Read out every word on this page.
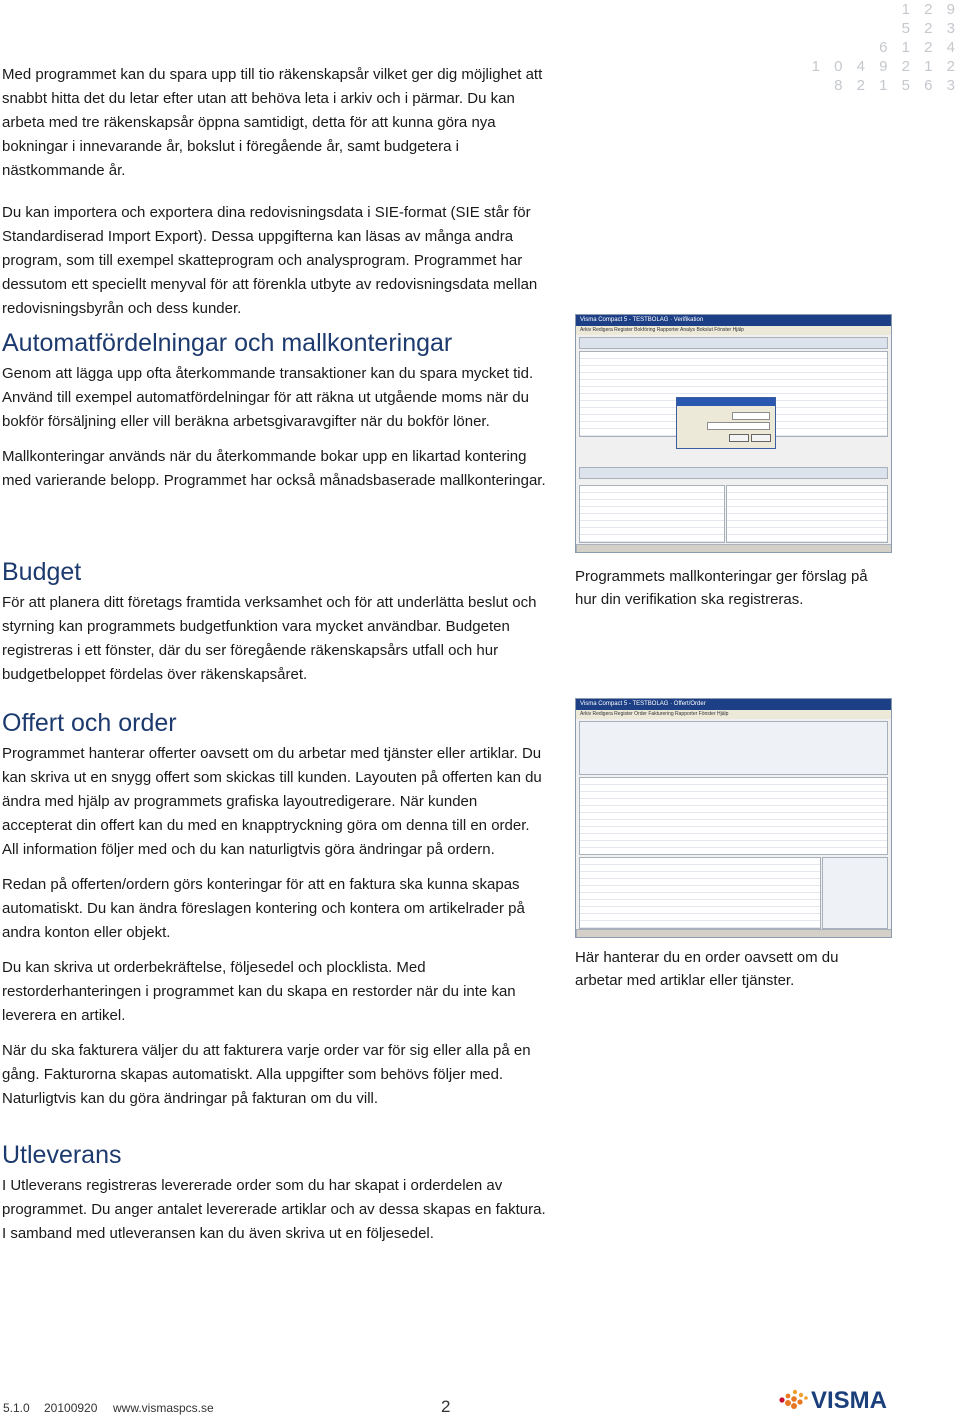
Med programmet kan du spara upp till tio räkenskapsår vilket ger dig möjlighet att snabbt hitta det du letar efter utan att behöva leta i arkiv och i pärmar. Du kan arbeta med tre räkenskapsår öppna samtidigt, detta för att kunna göra nya bokningar i innevarande år, bokslut i föregående år, samt budgetera i nästkommande år.

Du kan importera och exportera dina redovisningsdata i SIE-format (SIE står för Standardiserad Import Export). Dessa uppgifterna kan läsas av många andra program, som till exempel skatteprogram och analysprogram. Programmet har dessutom ett speciellt menyval för att förenkla utbyte av redovisningsdata mellan redovisningsbyrån och dess kunder.

1 2 9
5 2 3
6 1 2 4
1 0 4 9 2 1 2
8 2 1 5 6 3
Automatfördelningar och mallkonteringar

Genom att lägga upp ofta återkommande transaktioner kan du spara mycket tid. Använd till exempel automatfördelningar för att räkna ut utgående moms när du bokför försäljning eller vill beräkna arbetsgivaravgifter när du bokför löner.

Mallkonteringar används när du återkommande bokar upp en likartad kontering med varierande belopp. Programmet har också månadsbaserade mallkonteringar.

Budget

För att planera ditt företags framtida verksamhet och för att underlätta beslut och styrning kan programmets budgetfunktion vara mycket användbar. Budgeten registreras i ett fönster, där du ser föregående räkenskapsårs utfall och hur budgetbeloppet fördelas över räkenskapsåret.

Offert och order

Programmet hanterar offerter oavsett om du arbetar med tjänster eller artiklar. Du kan skriva ut en snygg offert som skickas till kunden. Layouten på offerten kan du ändra med hjälp av programmets grafiska layoutredigerare. När kunden accepterat din offert kan du med en knapptryckning göra om denna till en order. All information följer med och du kan naturligtvis göra ändringar på ordern.

Redan på offerten/ordern görs konteringar för att en faktura ska kunna skapas automatiskt. Du kan ändra föreslagen kontering och kontera om artikelrader på andra konton eller objekt.

Du kan skriva ut orderbekräftelse, följesedel och plocklista. Med restorderhanteringen i programmet kan du skapa en restorder när du inte kan leverera en artikel.

När du ska fakturera väljer du att fakturera varje order var för sig eller alla på en gång. Fakturorna skapas automatiskt. Alla uppgifter som behövs följer med. Naturligtvis kan du göra ändringar på fakturan om du vill.

Utleverans

I Utleverans registreras levererade order som du har skapat i orderdelen av programmet. Du anger antalet levererade artiklar och av dessa skapas en faktura. I samband med utleveransen kan du även skriva ut en följesedel.

Visma Compact 5 - TESTBOLAG · Verifikation
Arkiv Redigera Register Bokföring Rapporter Analys Bokslut Fönster Hjälp
Programmets mallkonteringar ger förslag på hur din verifikation ska registreras.
Visma Compact 5 - TESTBOLAG · Offert/Order
Arkiv Redigera Register Order Fakturering Rapporter Fönster Hjälp
Här hanterar du en order oavsett om du arbetar med artiklar eller tjänster.
5.1.0 20100920 www.vismaspcs.se	2	VISMA
